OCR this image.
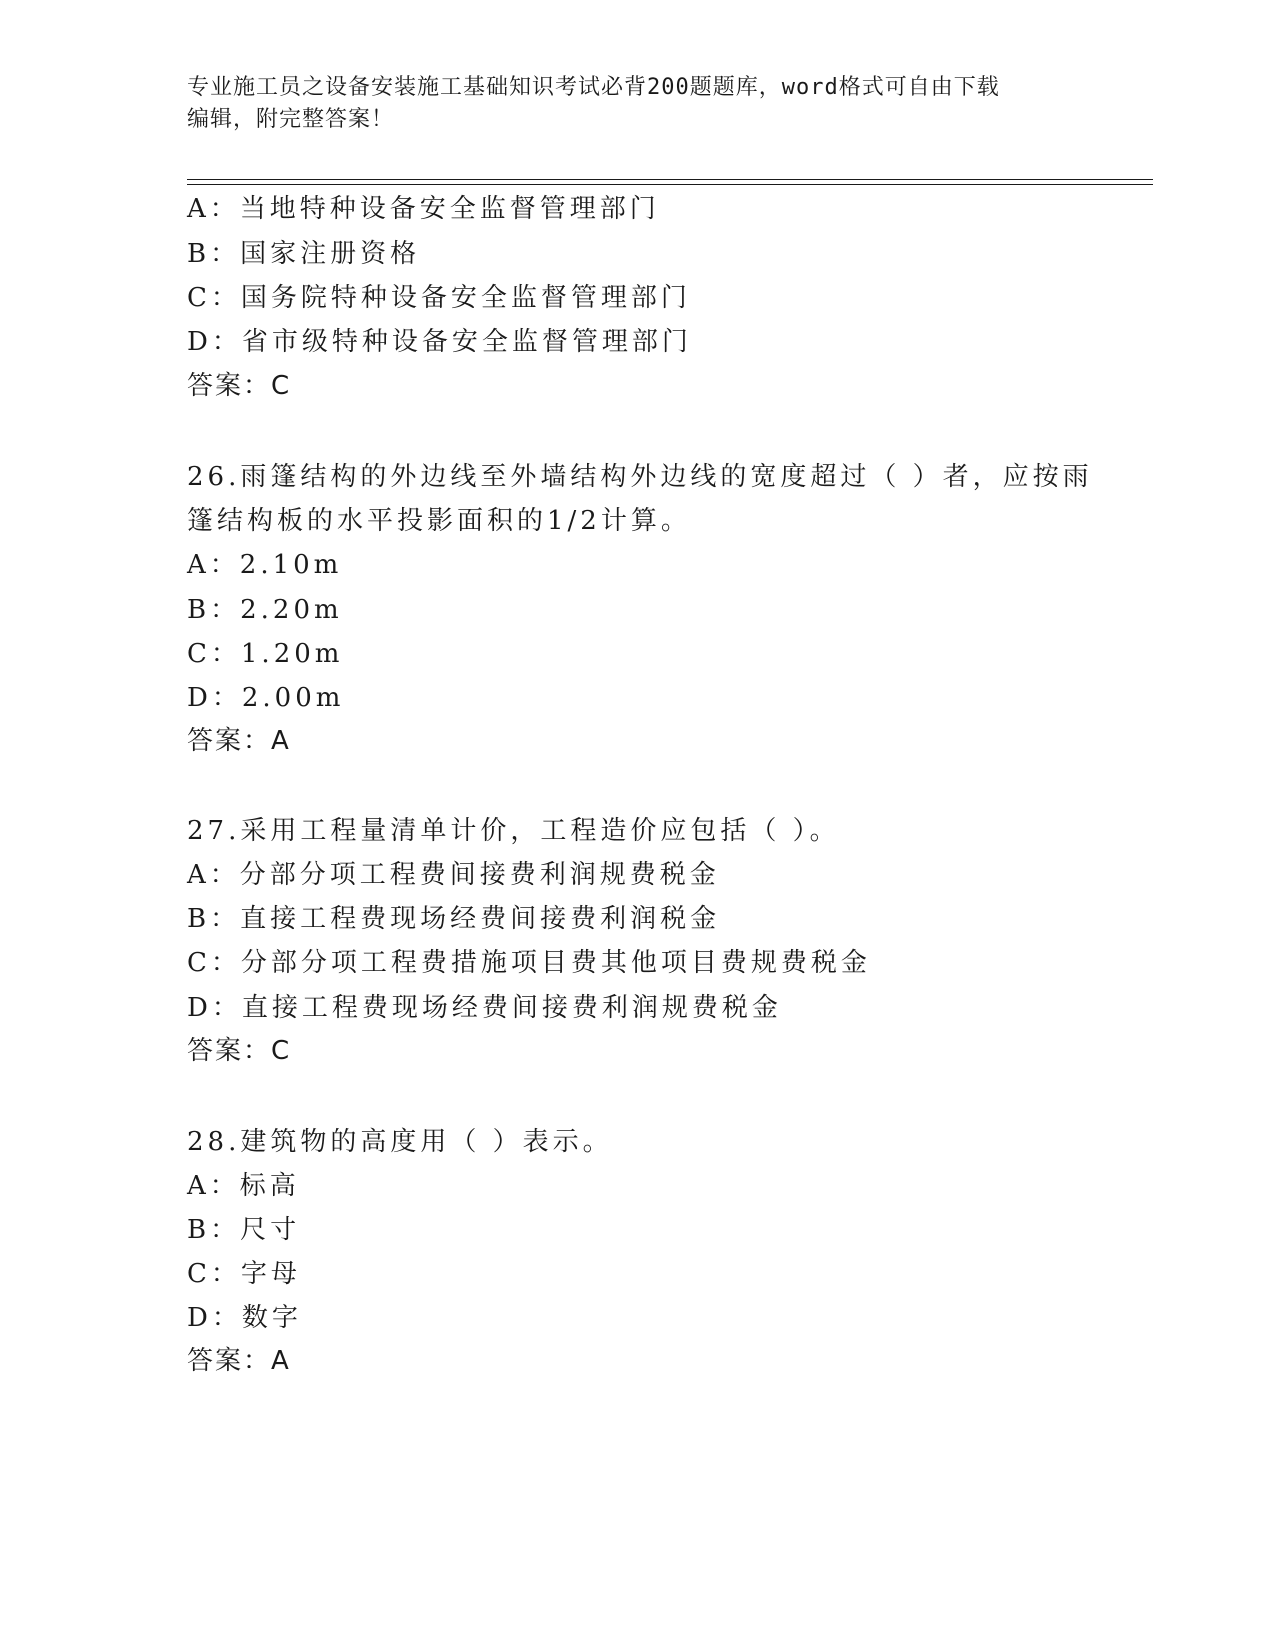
专业施工员之设备安装施工基础知识考试必背200题题库，word格式可自由下载
编辑，附完整答案！
A：当地特种设备安全监督管理部门
B：国家注册资格
C：国务院特种设备安全监督管理部门
D：省市级特种设备安全监督管理部门
答案：C
26.雨篷结构的外边线至外墙结构外边线的宽度超过（ ）者，应按雨
篷结构板的水平投影面积的1/2计算。
A：2.10m
B：2.20m
C：1.20m
D：2.00m
答案：A
27.采用工程量清单计价，工程造价应包括（ ）。
A：分部分项工程费间接费利润规费税金
B：直接工程费现场经费间接费利润税金
C：分部分项工程费措施项目费其他项目费规费税金
D：直接工程费现场经费间接费利润规费税金
答案：C
28.建筑物的高度用（ ）表示。
A：标高
B：尺寸
C：字母
D：数字
答案：A
